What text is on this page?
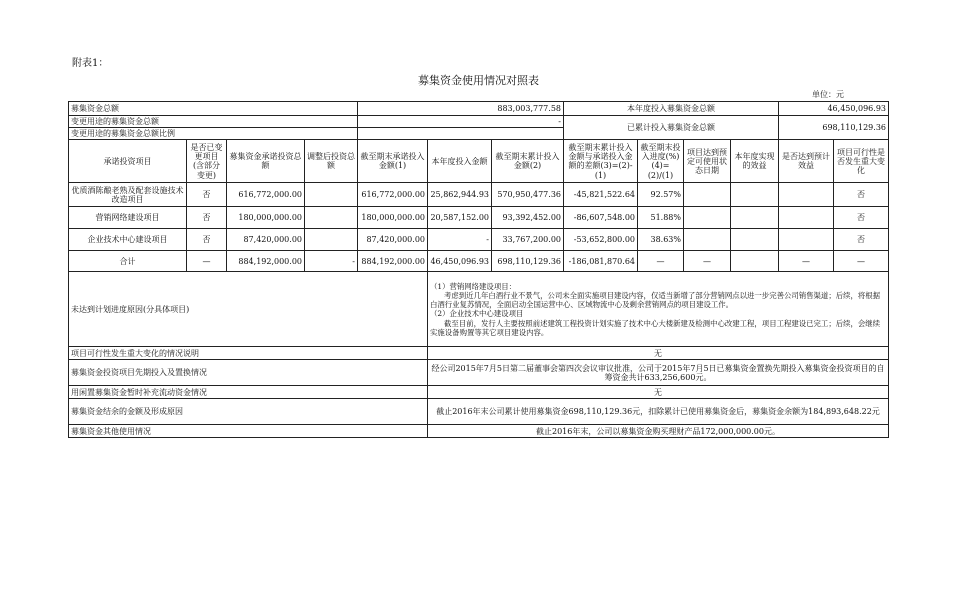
附表1：
募集资金使用情况对照表
单位：元
募集资金总额				883,003,777.58			本年度投入募集资金总额				46,450,096.93	
变更用途的募集资金总额				-			已累计投入募集资金总额				698,110,129.36	
变更用途的募集资金总额比例												
承诺投资项目	是否已变更项目(含部分变更)	募集资金承诺投资总额	调整后投资总额	截至期末承诺投入金额(1)	本年度投入金额	截至期末累计投入金额(2)	截至期末累计投入金额与承诺投入金额的差额(3)=(2)-(1)	截至期末投入进度(%)(4)=(2)/(1)	项目达到预定可使用状态日期	本年度实现的效益	是否达到预计效益	项目可行性是否发生重大变化
优质酒陈酿老熟及配套设施技术改造项目	否	616,772,000.00		616,772,000.00	25,862,944.93	570,950,477.36	-45,821,522.64	92.57%				否
营销网络建设项目	否	180,000,000.00		180,000,000.00	20,587,152.00	93,392,452.00	-86,607,548.00	51.88%				否
企业技术中心建设项目	否	87,420,000.00		87,420,000.00	-	33,767,200.00	-53,652,800.00	38.63%				否
合计	—	884,192,000.00	-	884,192,000.00	46,450,096.93	698,110,129.36	-186,081,870.64	—	—		—	—
未达到计划进度原因(分具体项目)					（1）营销网络建设项目：
考虑到近几年白酒行业不景气，公司未全面实施项目建设内容，仅适当新增了部分营销网点以进一步完善公司销售渠道；后续，将根据白酒行业复苏情况，全面启动全国运营中心、区域物流中心及剩余营销网点的项目建设工作。
（2）企业技术中心建设项目
截至目前，发行人主要按照前述建筑工程投资计划实施了技术中心大楼新建及检测中心改建工程，项目工程建设已完工；后续，会继续实施设备购置等其它项目建设内容。							

项目可行性发生重大变化的情况说明					无							
募集资金投资项目先期投入及置换情况					经公司2015年7月5日第二届董事会第四次会议审议批准，公司于2015年7月5日已募集资金置换先期投入募集资金投资项目的自筹资金共计633,256,600元。							
用闲置募集资金暂时补充流动资金情况					无							
募集资金结余的金额及形成原因					截止2016年末公司累计使用募集资金698,110,129.36元，扣除累计已使用募集资金后，募集资金余额为184,893,648.22元							
募集资金其他使用情况					截止2016年末，公司以募集资金购买理财产品172,000,000.00元。							
